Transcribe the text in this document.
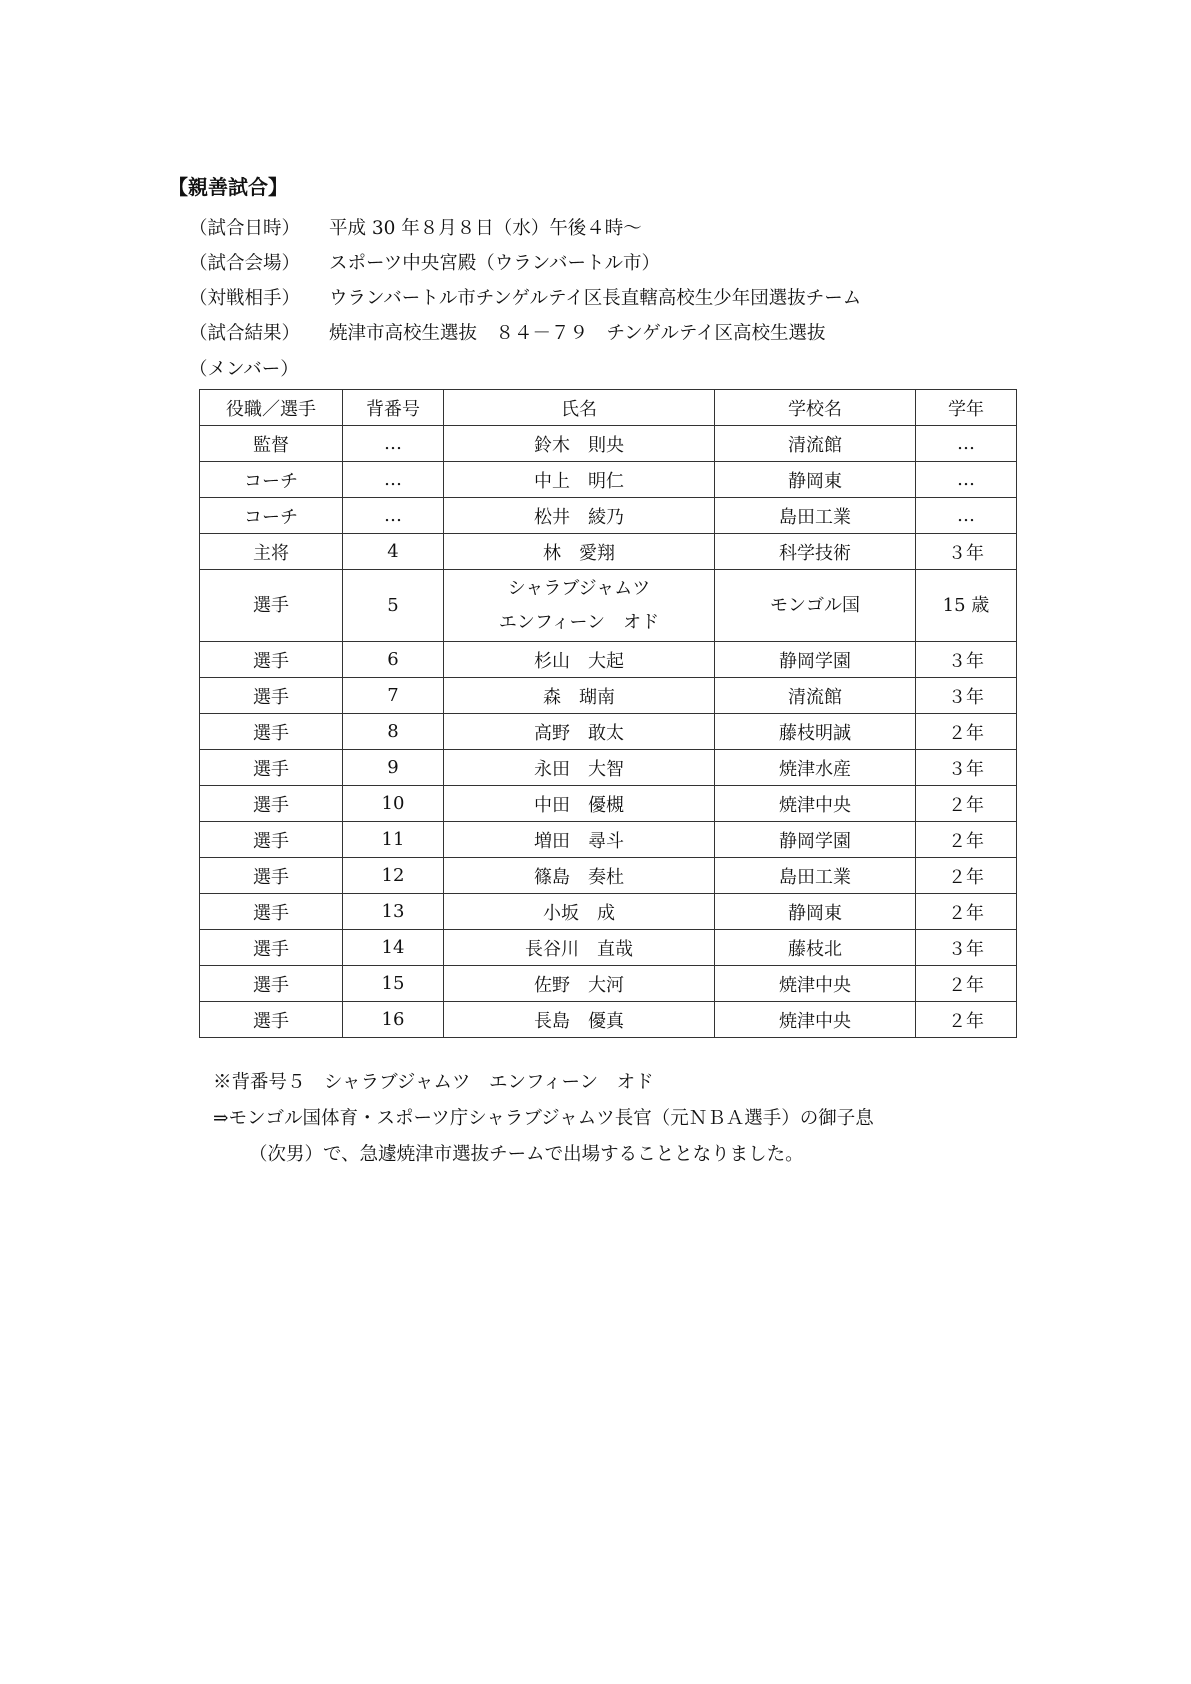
【親善試合】
（試合日時）	平成 30 年８月８日（水）午後４時～
（試合会場）	スポーツ中央宮殿（ウランバートル市）
（対戦相手）	ウランバートル市チンゲルテイ区長直轄高校生少年団選抜チーム
（試合結果）	焼津市高校生選抜　８４－７９　チンゲルテイ区高校生選抜
（メンバー）
役職／選手	背番号	氏名	学校名	学年
監督	…	鈴木　則央	清流館	…
コーチ	…	中上　明仁	静岡東	…
コーチ	…	松井　綾乃	島田工業	…
主将	4	林　愛翔	科学技術	３年
選手	5	シャラブジャムツ
エンフィーン　オド	モンゴル国	15 歳
選手	6	杉山　大起	静岡学園	３年
選手	7	森　瑚南	清流館	３年
選手	8	高野　敢太	藤枝明誠	２年
選手	9	永田　大智	焼津水産	３年
選手	10	中田　優槻	焼津中央	２年
選手	11	増田　尋斗	静岡学園	２年
選手	12	篠島　奏杜	島田工業	２年
選手	13	小坂　成	静岡東	２年
選手	14	長谷川　直哉	藤枝北	３年
選手	15	佐野　大河	焼津中央	２年
選手	16	長島　優真	焼津中央	２年
※背番号５　シャラブジャムツ　エンフィーン　オド
⇒モンゴル国体育・スポーツ庁シャラブジャムツ長官（元ＮＢＡ選手）の御子息
（次男）で、急遽焼津市選抜チームで出場することとなりました。
